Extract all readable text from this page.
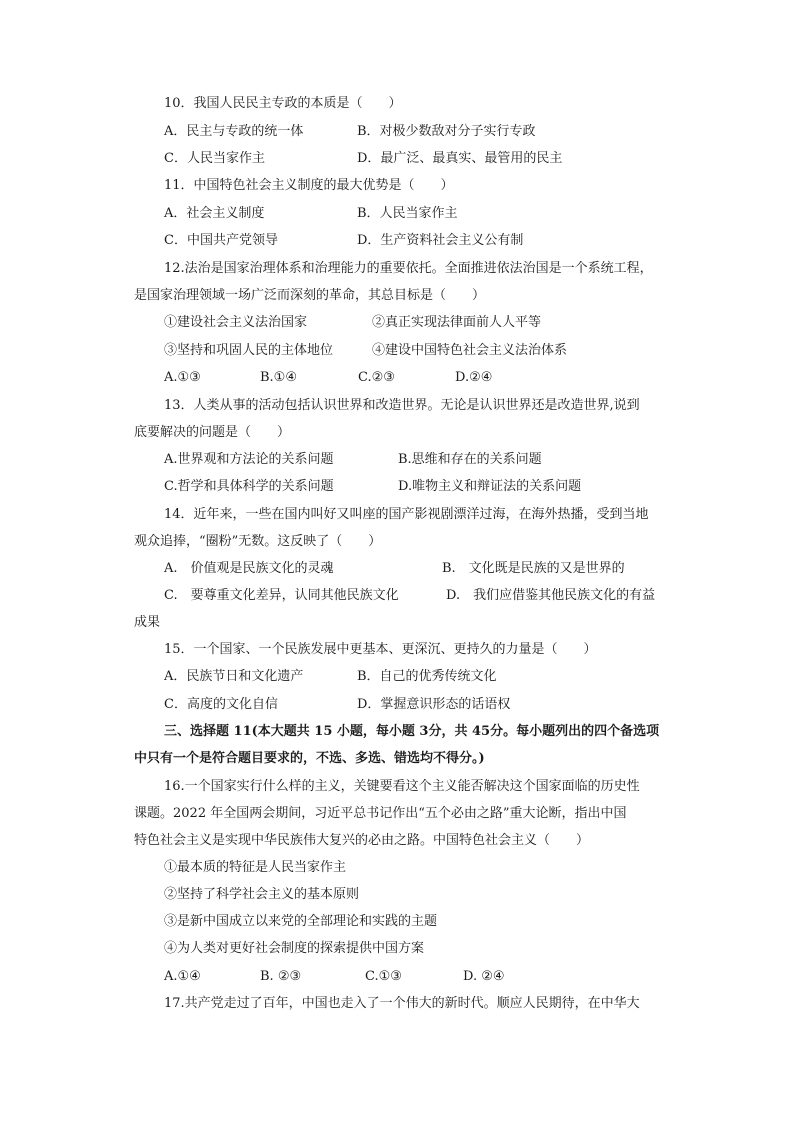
10．我国人民民主专政的本质是（　　）
A．民主与专政的统一体	B．对极少数敌对分子实行专政
C．人民当家作主	D．最广泛、最真实、最管用的民主
11．中国特色社会主义制度的最大优势是（　　）
A．社会主义制度	B．人民当家作主
C．中国共产党领导	D．生产资料社会主义公有制
12.法治是国家治理体系和治理能力的重要依托。全面推进依法治国是一个系统工程，
是国家治理领域一场广泛而深刻的革命，其总目标是（　　）
①建设社会主义法治国家	②真正实现法律面前人人平等
③坚持和巩固人民的主体地位	④建设中国特色社会主义法治体系
A.①③	B.①④	C.②③	D.②④
13．人类从事的活动包括认识世界和改造世界。无论是认识世界还是改造世界,说到
底要解决的问题是（　　）
A.世界观和方法论的关系问题	B.思维和存在的关系问题
C.哲学和具体科学的关系问题	D.唯物主义和辩证法的关系问题
14．近年来，一些在国内叫好又叫座的国产影视剧漂洋过海，在海外热播，受到当地
观众追捧，“圈粉”无数。这反映了（　　）
A.　价值观是民族文化的灵魂	B.　文化既是民族的又是世界的
C.　要尊重文化差异，认同其他民族文化	D.　我们应借鉴其他民族文化的有益
成果
15．一个国家、一个民族发展中更基本、更深沉、更持久的力量是（　　）
A．民族节日和文化遗产	B．自己的优秀传统文化
C．高度的文化自信	D．掌握意识形态的话语权
三、选择题 11(本大题共 15 小题，每小题 3分，共 45分。每小题列出的四个备选项
中只有一个是符合题目要求的，不选、多选、错选均不得分。)
16.一个国家实行什么样的主义，关键要看这个主义能否解决这个国家面临的历史性
课题。2022 年全国两会期间，习近平总书记作出“五个必由之路”重大论断，指出中国
特色社会主义是实现中华民族伟大复兴的必由之路。中国特色社会主义（　　）
①最本质的特征是人民当家作主
②坚持了科学社会主义的基本原则
③是新中国成立以来党的全部理论和实践的主题
④为人类对更好社会制度的探索提供中国方案
A.①④	B. ②③	C.①③	D. ②④
17.共产党走过了百年，中国也走入了一个伟大的新时代。顺应人民期待，在中华大
